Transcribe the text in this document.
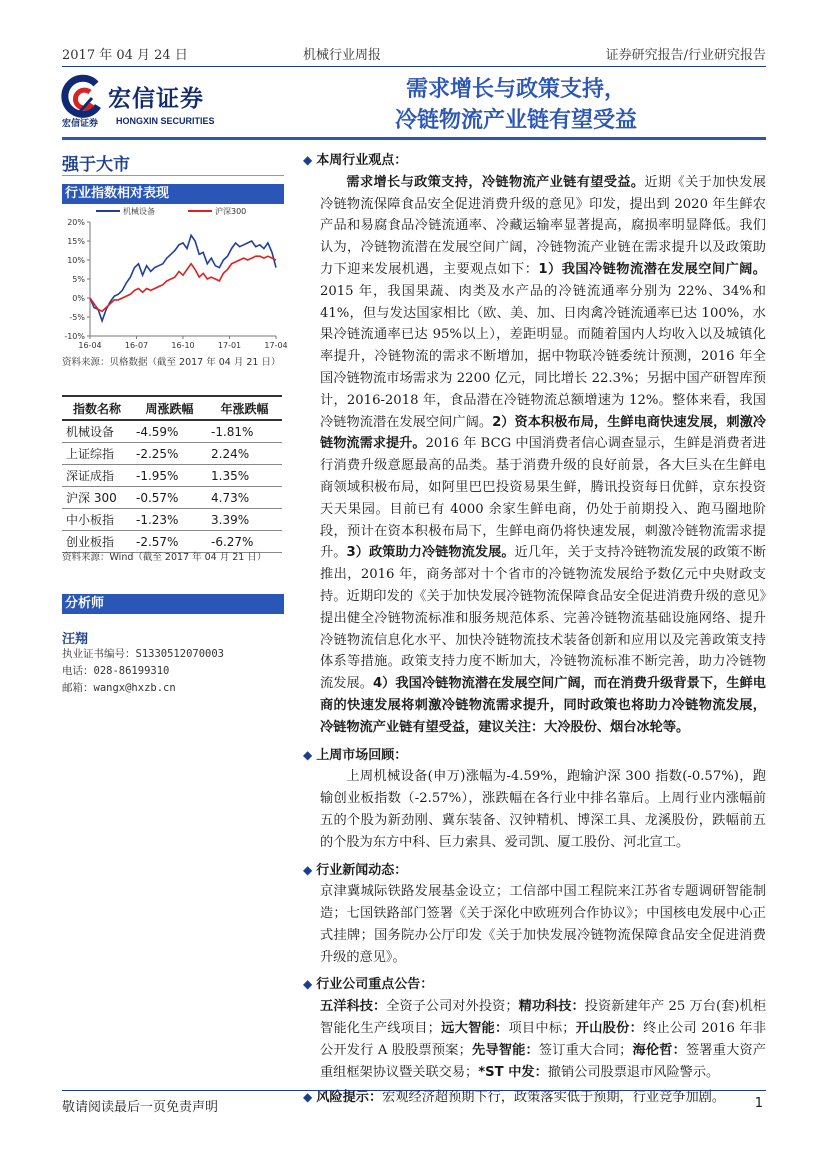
2017 年 04 月 24 日	机械行业周报	证券研究报告/行业研究报告
宏信证券
HONGXIN SECURITIES
宏信证券
需求增长与政策支持，
冷链物流产业链有望受益
强于大市
行业指数相对表现
20%
15%
10%
5%
0%
-5%
-10%
16-04	16-07	16-10	17-01	17-04
机械设备	沪深300
资料来源：贝格数据（截至 2017 年 04 月 21 日）
指数名称	周涨跌幅	年涨跌幅
机械设备	-4.59%	-1.81%
上证综指	-2.25%	2.24%
深证成指	-1.95%	1.35%
沪深 300	-0.57%	4.73%
中小板指	-1.23%	3.39%
创业板指	-2.57%	-6.27%
资料来源：Wind（截至 2017 年 04 月 21 日）
分析师
汪翔
执业证书编号：S1330512070003
电话：028-86199310
邮箱：wangx@hxzb.cn
◆ 本周行业观点：

需求增长与政策支持，冷链物流产业链有望受益。近期《关于加快发展冷链物流保障食品安全促进消费升级的意见》印发，提出到 2020 年生鲜农产品和易腐食品冷链流通率、冷藏运输率显著提高，腐损率明显降低。我们认为，冷链物流潜在发展空间广阔，冷链物流产业链在需求提升以及政策助力下迎来发展机遇，主要观点如下：1）我国冷链物流潜在发展空间广阔。2015 年，我国果蔬、肉类及水产品的冷链流通率分别为 22%、34%和 41%，但与发达国家相比（欧、美、加、日肉禽冷链流通率已达 100%，水果冷链流通率已达 95%以上），差距明显。而随着国内人均收入以及城镇化率提升，冷链物流的需求不断增加，据中物联冷链委统计预测，2016 年全国冷链物流市场需求为 2200 亿元，同比增长 22.3%；另据中国产研智库预计，2016-2018 年，食品潜在冷链物流总额增速为 12%。整体来看，我国冷链物流潜在发展空间广阔。2）资本积极布局，生鲜电商快速发展，刺激冷链物流需求提升。2016 年 BCG 中国消费者信心调查显示，生鲜是消费者进行消费升级意愿最高的品类。基于消费升级的良好前景，各大巨头在生鲜电商领域积极布局，如阿里巴巴投资易果生鲜，腾讯投资每日优鲜，京东投资天天果园。目前已有 4000 余家生鲜电商，仍处于前期投入、跑马圈地阶段，预计在资本积极布局下，生鲜电商仍将快速发展，刺激冷链物流需求提升。3）政策助力冷链物流发展。近几年，关于支持冷链物流发展的政策不断推出，2016 年，商务部对十个省市的冷链物流发展给予数亿元中央财政支持。近期印发的《关于加快发展冷链物流保障食品安全促进消费升级的意见》提出健全冷链物流标准和服务规范体系、完善冷链物流基础设施网络、提升冷链物流信息化水平、加快冷链物流技术装备创新和应用以及完善政策支持体系等措施。政策支持力度不断加大，冷链物流标准不断完善，助力冷链物流发展。4）我国冷链物流潜在发展空间广阔，而在消费升级背景下，生鲜电商的快速发展将刺激冷链物流需求提升，同时政策也将助力冷链物流发展，冷链物流产业链有望受益，建议关注：大冷股份、烟台冰轮等。

◆ 上周市场回顾：

上周机械设备(申万)涨幅为-4.59%，跑输沪深 300 指数(-0.57%)，跑输创业板指数（-2.57%），涨跌幅在各行业中排名靠后。上周行业内涨幅前五的个股为新劲刚、冀东装备、汉钟精机、博深工具、龙溪股份，跌幅前五的个股为东方中科、巨力索具、爱司凯、厦工股份、河北宣工。

◆ 行业新闻动态：

京津冀城际铁路发展基金设立；工信部中国工程院来江苏省专题调研智能制造；七国铁路部门签署《关于深化中欧班列合作协议》；中国核电发展中心正式挂牌；国务院办公厅印发《关于加快发展冷链物流保障食品安全促进消费升级的意见》。

◆ 行业公司重点公告：

五洋科技：全资子公司对外投资；精功科技：投资新建年产 25 万台(套)机柜智能化生产线项目；远大智能：项目中标；开山股份：终止公司 2016 年非公开发行 A 股股票预案；先导智能：签订重大合同；海伦哲：签署重大资产重组框架协议暨关联交易；*ST 中发：撤销公司股票退市风险警示。

◆ 风险提示：宏观经济超预期下行，政策落实低于预期，行业竞争加剧。
敬请阅读最后一页免责声明	1
